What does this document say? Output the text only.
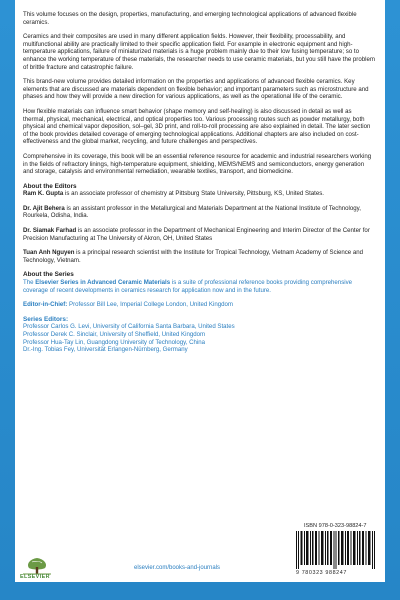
This volume focuses on the design, properties, manufacturing, and emerging technological applications of advanced flexible ceramics.

Ceramics and their composites are used in many different application fields. However, their flexibility, processability, and multifunctional ability are practically limited to their specific application field. For example in electronic equipment and high-temperature applications, failure of miniaturized materials is a huge problem mainly due to their low fusing temperature; so to enhance the working temperature of these materials, the researcher needs to use ceramic materials, but you still have the problem of brittle fracture and catastrophic failure.

This brand-new volume provides detailed information on the properties and applications of advanced flexible ceramics. Key elements that are discussed are materials dependent on flexible behavior; and important parameters such as microstructure and phases and how they will provide a new direction for various applications, as well as the operational life of the ceramic.

How flexible materials can influence smart behavior (shape memory and self-healing) is also discussed in detail as well as thermal, physical, mechanical, electrical, and optical properties too. Various processing routes such as powder metallurgy, both physical and chemical vapor deposition, sol–gel, 3D print, and roll-to-roll processing are also explained in detail. The later section of the book provides detailed coverage of emerging technological applications. Additional chapters are also included on cost-effectiveness and the global market, recycling, and future challenges and perspectives.

Comprehensive in its coverage, this book will be an essential reference resource for academic and industrial researchers working in the fields of refractory linings, high-temperature equipment, shielding, MEMS/NEMS and semiconductors, energy generation and storage, catalysis and environmental remediation, wearable textiles, transport, and biomedicine.

About the Editors
Ram K. Gupta is an associate professor of chemistry at Pittsburg State University, Pittsburg, KS, United States.
Dr. Ajit Behera is an assistant professor in the Metallurgical and Materials Department at the National Institute of Technology, Rourkela, Odisha, India.
Dr. Siamak Farhad is an associate professor in the Department of Mechanical Engineering and Interim Director of the Center for Precision Manufacturing at The University of Akron, OH, United States
Tuan Anh Nguyen is a principal research scientist with the Institute for Tropical Technology, Vietnam Academy of Science and Technology, Vietnam.
About the Series

The Elsevier Series in Advanced Ceramic Materials is a suite of professional reference books providing comprehensive coverage of recent developments in ceramics research for application now and in the future.

Editor-in-Chief: Professor Bill Lee, Imperial College London, United Kingdom

Series Editors:
Professor Carlos G. Levi, University of California Santa Barbara, United States
Professor Derek C. Sinclair, University of Sheffield, United Kingdom
Professor Hua-Tay Lin, Guangdong University of Technology, China
Dr.-Ing. Tobias Fey, Universität Erlangen-Nürnberg, Germany
ELSEVIER
elsevier.com/books-and-journals
ISBN 978-0-323-98824-7
9 780323 988247
